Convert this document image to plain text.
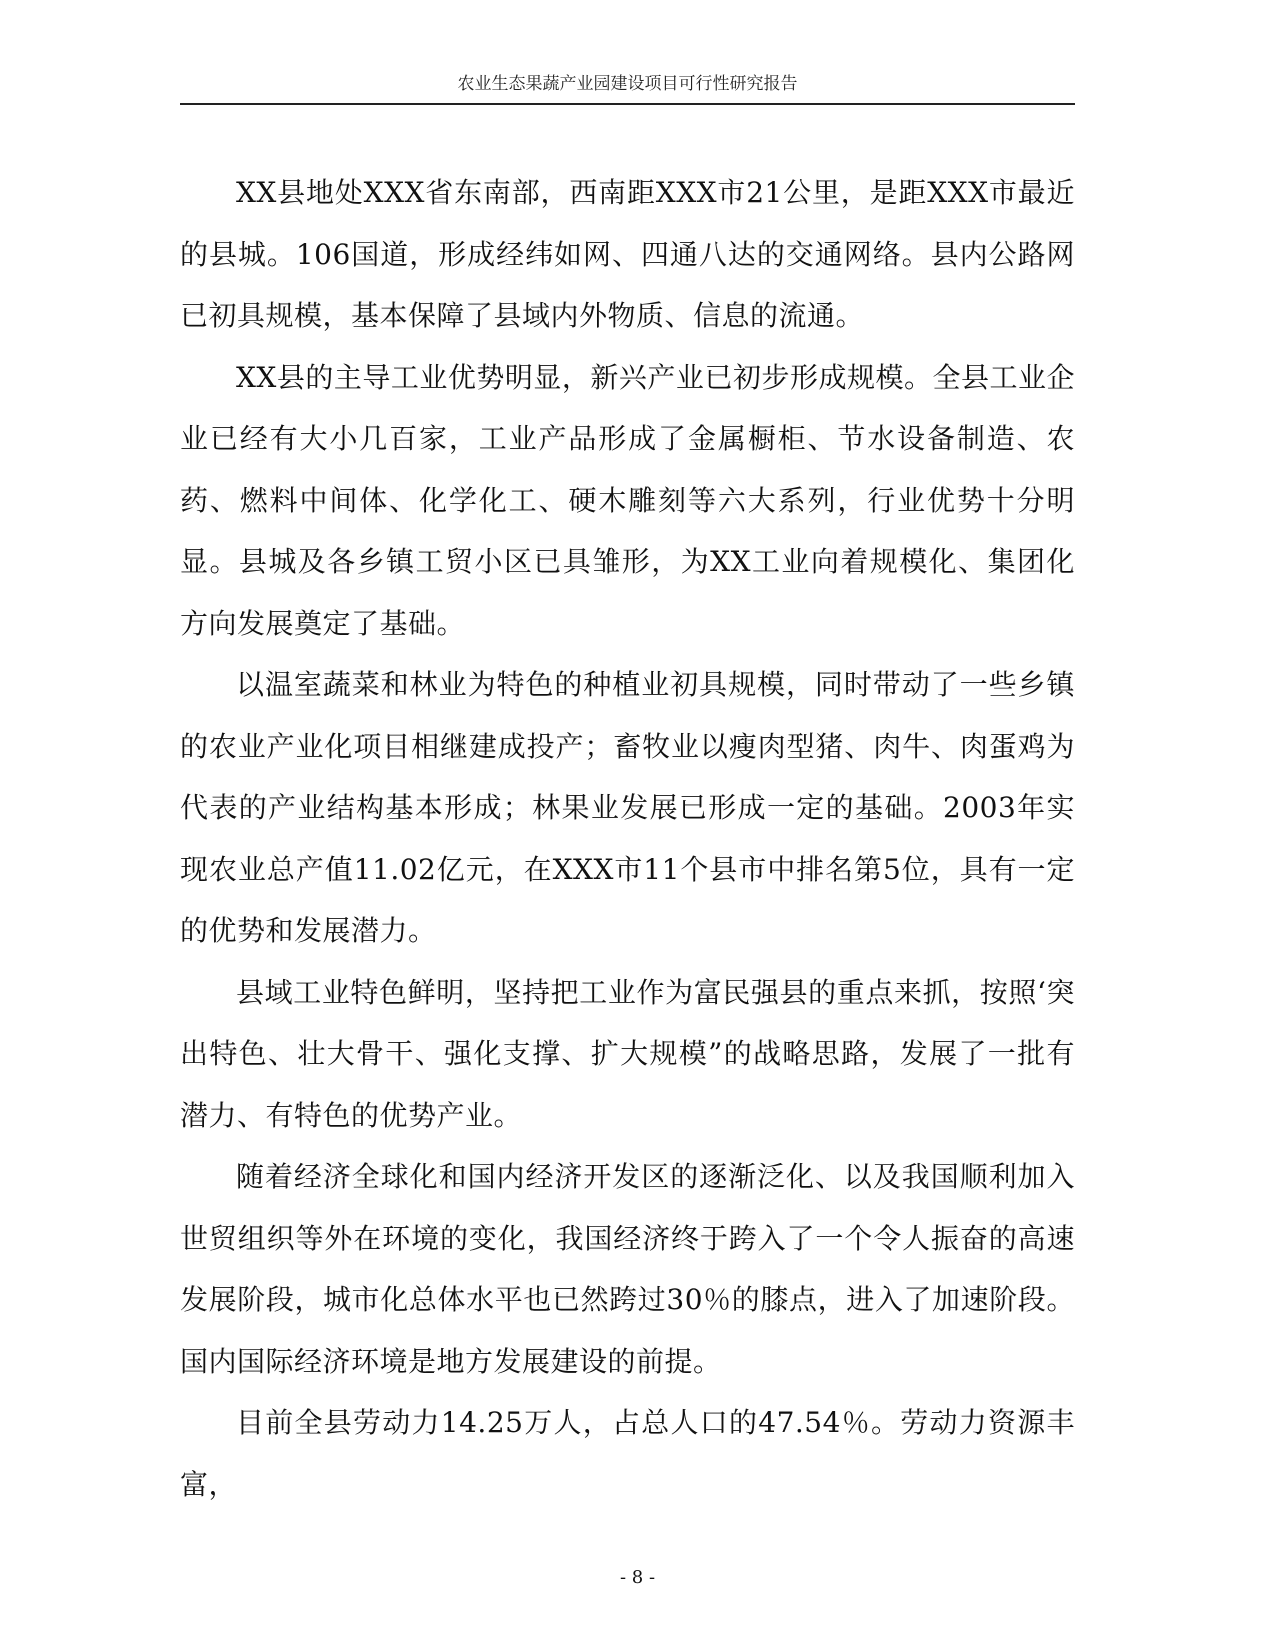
农业生态果蔬产业园建设项目可行性研究报告

XX县地处XXX省东南部，西南距XXX市21公里，是距XXX市最近的县城。106国道，形成经纬如网、四通八达的交通网络。县内公路网已初具规模，基本保障了县域内外物质、信息的流通。

XX县的主导工业优势明显，新兴产业已初步形成规模。全县工业企业已经有大小几百家，工业产品形成了金属橱柜、节水设备制造、农药、燃料中间体、化学化工、硬木雕刻等六大系列，行业优势十分明显。县城及各乡镇工贸小区已具雏形，为XX工业向着规模化、集团化方向发展奠定了基础。

以温室蔬菜和林业为特色的种植业初具规模，同时带动了一些乡镇的农业产业化项目相继建成投产；畜牧业以瘦肉型猪、肉牛、肉蛋鸡为代表的产业结构基本形成；林果业发展已形成一定的基础。2003年实现农业总产值11.02亿元，在XXX市11个县市中排名第5位，具有一定的优势和发展潜力。

县域工业特色鲜明，坚持把工业作为富民强县的重点来抓，按照‘突出特色、壮大骨干、强化支撑、扩大规模”的战略思路，发展了一批有潜力、有特色的优势产业。

随着经济全球化和国内经济开发区的逐渐泛化、以及我国顺利加入世贸组织等外在环境的变化，我国经济终于跨入了一个令人振奋的高速发展阶段，城市化总体水平也已然跨过30％的膝点，进入了加速阶段。国内国际经济环境是地方发展建设的前提。

目前全县劳动力14.25万人，占总人口的47.54％。劳动力资源丰富，

- 8 -
